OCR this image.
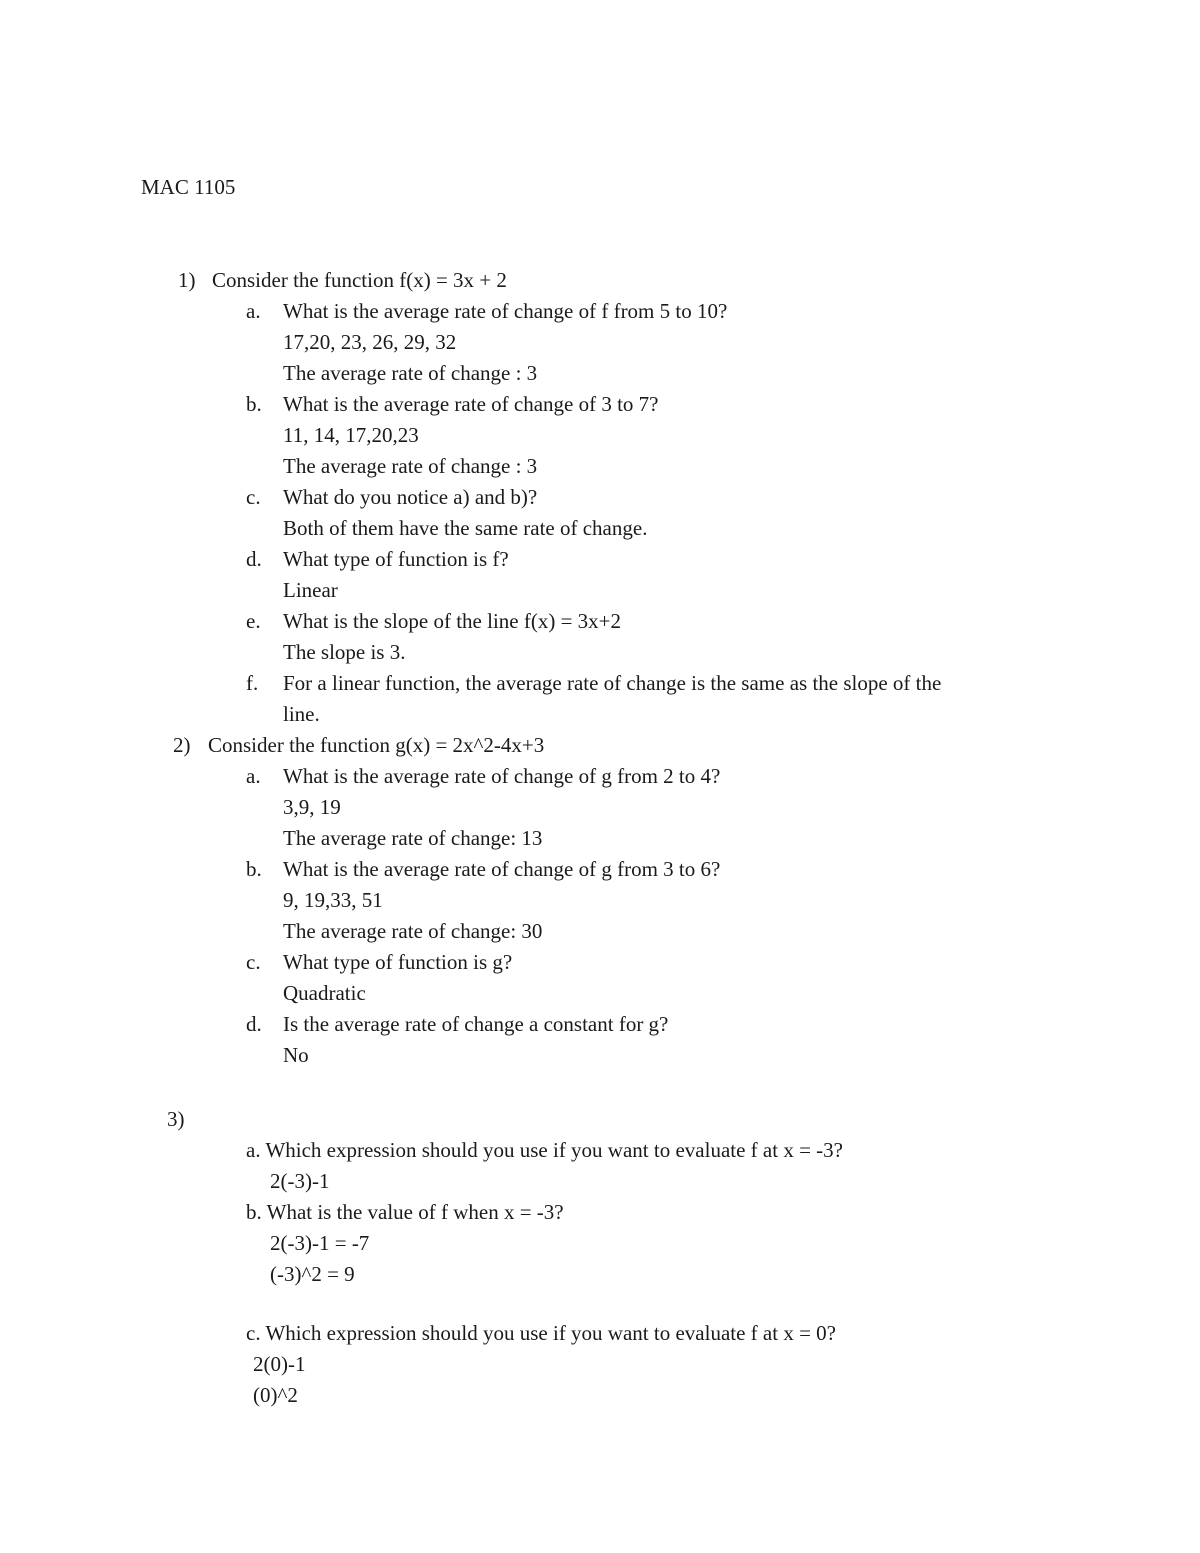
MAC 1105
1) Consider the function f(x) = 3x + 2
a. What is the average rate of change of f from 5 to 10?
17,20, 23, 26, 29, 32
The average rate of change : 3
b. What is the average rate of change of 3 to 7?
11, 14, 17,20,23
The average rate of change : 3
c. What do you notice a) and b)?
Both of them have the same rate of change.
d. What type of function is f?
Linear
e. What is the slope of the line f(x) = 3x+2
The slope is 3.
f. For a linear function, the average rate of change is the same as the slope of the
line.
2) Consider the function g(x) = 2x^2-4x+3
a. What is the average rate of change of g from 2 to 4?
3,9, 19
The average rate of change: 13
b. What is the average rate of change of g from 3 to 6?
9, 19,33, 51
The average rate of change: 30
c. What type of function is g?
Quadratic
d. Is the average rate of change a constant for g?
No
3)
a. Which expression should you use if you want to evaluate f at x = -3?
2(-3)-1
b. What is the value of f when x = -3?
2(-3)-1 = -7
(-3)^2 = 9
c. Which expression should you use if you want to evaluate f at x = 0?
2(0)-1
(0)^2
